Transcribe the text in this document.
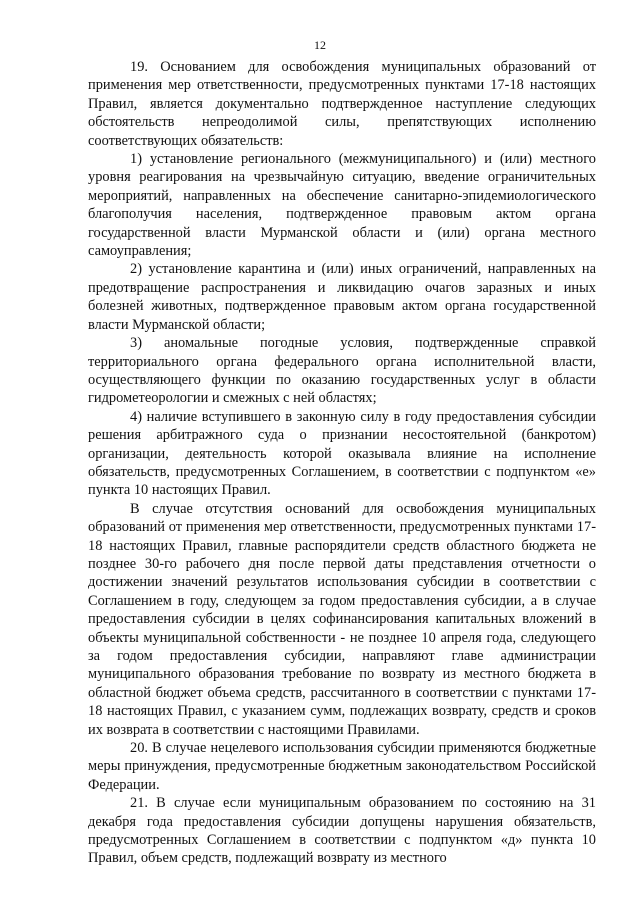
12

19. Основанием для освобождения муниципальных образований от применения мер ответственности, предусмотренных пунктами 17-18 настоящих Правил, является документально подтвержденное наступление следующих обстоятельств непреодолимой силы, препятствующих исполнению соответствующих обязательств:

1) установление регионального (межмуниципального) и (или) местного уровня реагирования на чрезвычайную ситуацию, введение ограничительных мероприятий, направленных на обеспечение санитарно-эпидемиологического благополучия населения, подтвержденное правовым актом органа государственной власти Мурманской области и (или) органа местного самоуправления;

2) установление карантина и (или) иных ограничений, направленных на предотвращение распространения и ликвидацию очагов заразных и иных болезней животных, подтвержденное правовым актом органа государственной власти Мурманской области;

3) аномальные погодные условия, подтвержденные справкой территориального органа федерального органа исполнительной власти, осуществляющего функции по оказанию государственных услуг в области гидрометеорологии и смежных с ней областях;

4) наличие вступившего в законную силу в году предоставления субсидии решения арбитражного суда о признании несостоятельной (банкротом) организации, деятельность которой оказывала влияние на исполнение обязательств, предусмотренных Соглашением, в соответствии с подпунктом «е» пункта 10 настоящих Правил.

В случае отсутствия оснований для освобождения муниципальных образований от применения мер ответственности, предусмотренных пунктами 17-18 настоящих Правил, главные распорядители средств областного бюджета не позднее 30-го рабочего дня после первой даты представления отчетности о достижении значений результатов использования субсидии в соответствии с Соглашением в году, следующем за годом предоставления субсидии, а в случае предоставления субсидии в целях софинансирования капитальных вложений в объекты муниципальной собственности - не позднее 10 апреля года, следующего за годом предоставления субсидии, направляют главе администрации муниципального образования требование по возврату из местного бюджета в областной бюджет объема средств, рассчитанного в соответствии с пунктами 17-18 настоящих Правил, с указанием сумм, подлежащих возврату, средств и сроков их возврата в соответствии с настоящими Правилами.

20. В случае нецелевого использования субсидии применяются бюджетные меры принуждения, предусмотренные бюджетным законодательством Российской Федерации.

21. В случае если муниципальным образованием по состоянию на 31 декабря года предоставления субсидии допущены нарушения обязательств, предусмотренных Соглашением в соответствии с подпунктом «д» пункта 10 Правил, объем средств, подлежащий возврату из местного
